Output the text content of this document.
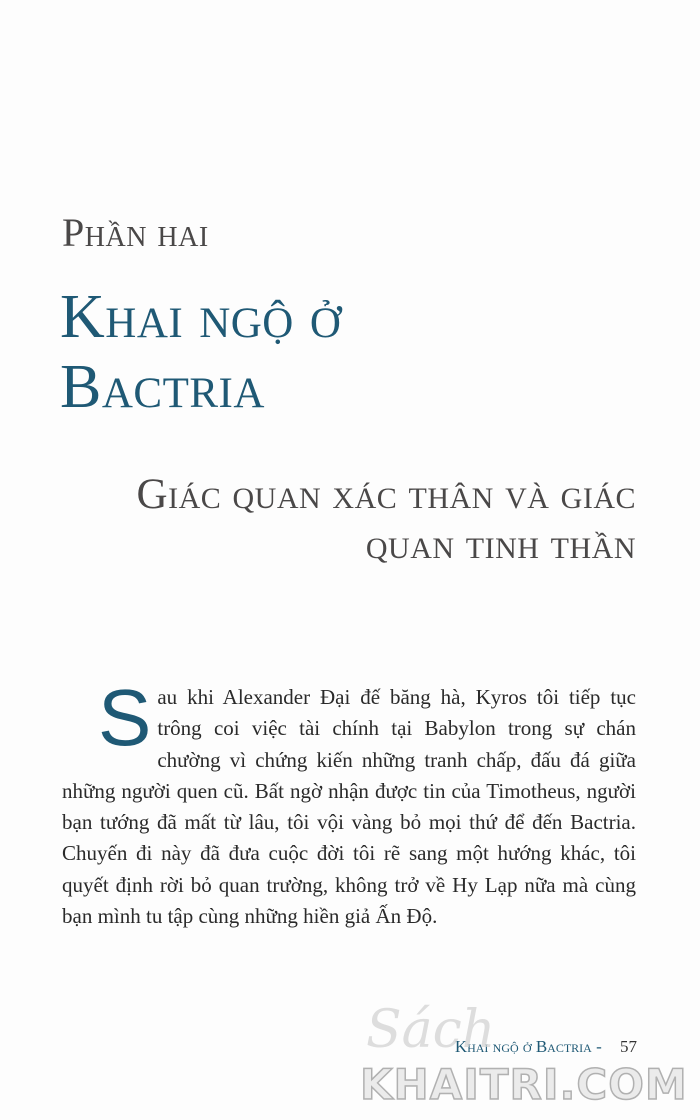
Phần hai
Khai ngộ ở Bactria
Giác quan xác thân và giác quan tinh thần
S au khi Alexander Đại đế băng hà, Kyros tôi tiếp tục trông coi việc tài chính tại Babylon trong sự chán chường vì chứng kiến những tranh chấp, đấu đá giữa những người quen cũ. Bất ngờ nhận được tin của Timotheus, người bạn tướng đã mất từ lâu, tôi vội vàng bỏ mọi thứ để đến Bactria. Chuyến đi này đã đưa cuộc đời tôi rẽ sang một hướng khác, tôi quyết định rời bỏ quan trường, không trở về Hy Lạp nữa mà cùng bạn mình tu tập cùng những hiền giả Ấn Độ.
Khai ngộ ở Bactria - 57
Sách
KHAITRI.COM
